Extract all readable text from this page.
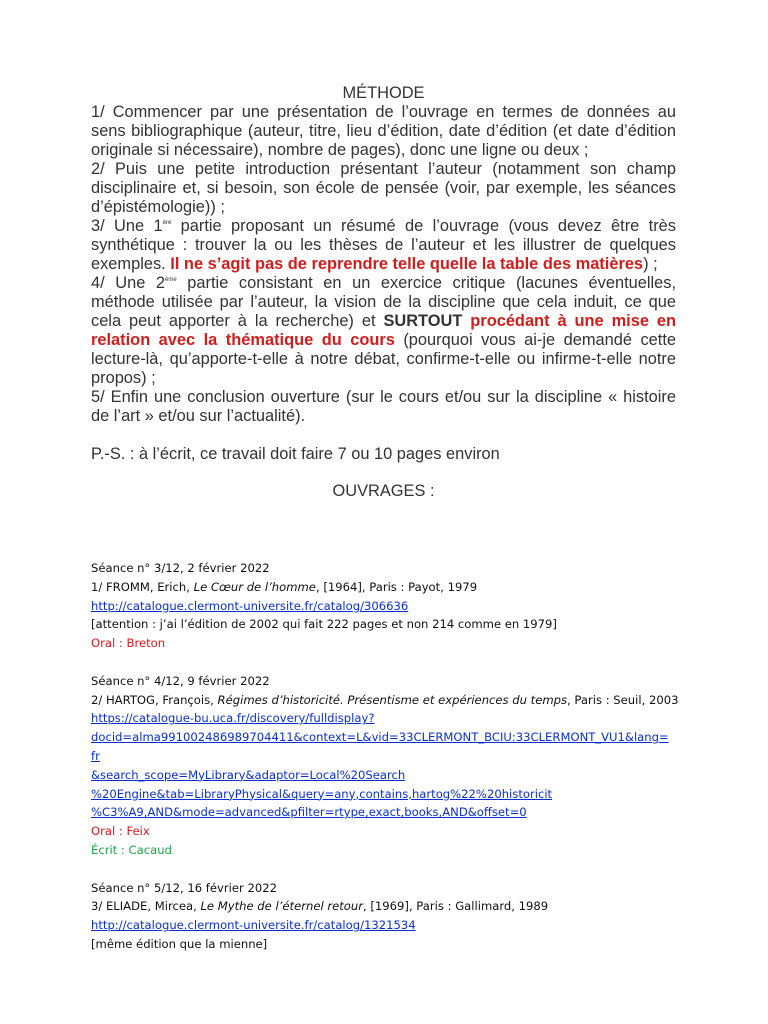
MÉTHODE
1/ Commencer par une présentation de l’ouvrage en termes de données au sens bibliographique (auteur, titre, lieu d’édition, date d’édition (et date d’édition originale si nécessaire), nombre de pages), donc une ligne ou deux ;
2/ Puis une petite introduction présentant l’auteur (notamment son champ disciplinaire et, si besoin, son école de pensée (voir, par exemple, les séances d’épistémologie)) ;
3/ Une 1ère partie proposant un résumé de l’ouvrage (vous devez être très synthétique : trouver la ou les thèses de l’auteur et les illustrer de quelques exemples. Il ne s’agit pas de reprendre telle quelle la table des matières) ;
4/ Une 2ème partie consistant en un exercice critique (lacunes éventuelles, méthode utilisée par l’auteur, la vision de la discipline que cela induit, ce que cela peut apporter à la recherche) et SURTOUT procédant à une mise en relation avec la thématique du cours (pourquoi vous ai-je demandé cette lecture-là, qu’apporte-t-elle à notre débat, confirme-t-elle ou infirme-t-elle notre propos) ;
5/ Enfin une conclusion ouverture (sur le cours et/ou sur la discipline « histoire de l’art » et/ou sur l’actualité).
P.-S. : à l’écrit, ce travail doit faire 7 ou 10 pages environ
OUVRAGES :
Séance n° 3/12, 2 février 2022
1/ FROMM, Erich, Le Cœur de l’homme, [1964], Paris : Payot, 1979
http://catalogue.clermont-universite.fr/catalog/306636
[attention : j’ai l’édition de 2002 qui fait 222 pages et non 214 comme en 1979]
Oral : Breton
Séance n° 4/12, 9 février 2022
2/ HARTOG, François, Régimes d’historicité. Présentisme et expériences du temps, Paris : Seuil, 2003
https://catalogue-bu.uca.fr/discovery/fulldisplay?
docid=alma991002486989704411&context=L&vid=33CLERMONT_BCIU:33CLERMONT_VU1&lang=fr
&search_scope=MyLibrary&adaptor=Local%20Search
%20Engine&tab=LibraryPhysical&query=any,contains,hartog%22%20historicit
%C3%A9,AND&mode=advanced&pfilter=rtype,exact,books,AND&offset=0
Oral : Feix
Écrit : Cacaud
Séance n° 5/12, 16 février 2022
3/ ELIADE, Mircea, Le Mythe de l’éternel retour, [1969], Paris : Gallimard, 1989
http://catalogue.clermont-universite.fr/catalog/1321534
[même édition que la mienne]
